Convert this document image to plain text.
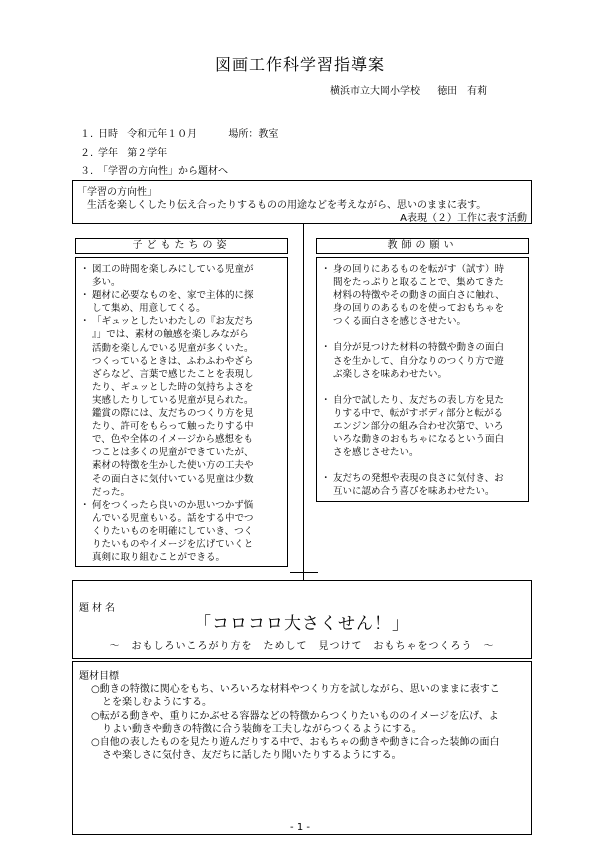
図画工作科学習指導案
横浜市立大岡小学校 徳田　有莉
１. 日時 令和元年１０月	場所：教室
２. 学年 第２学年
３. 「学習の方向性」から題材へ
「学習の方向性」
生活を楽しくしたり伝え合ったりするものの用途などを考えながら、思いのままに表す。
A表現（２）工作に表す活動
子どもたちの姿	教師の願い
・ 図工の時間を楽しみにしている児童が
多い。
・ 題材に必要なものを、家で主体的に探
して集め、用意してくる。
・ 「ギュッとしたいわたしの『お友だち
』」では、素材の触感を楽しみながら
活動を楽しんでいる児童が多くいた。
つくっているときは、ふわふわやざら
ざらなど、言葉で感じたことを表現し
たり、ギュッとした時の気持ちよさを
実感したりしている児童が見られた。
鑑賞の際には、友だちのつくり方を見
たり、許可をもらって触ったりする中
で、色や全体のイメージから感想をも
つことは多くの児童ができていたが、
素材の特徴を生かした使い方の工夫や
その面白さに気付いている児童は少数
だった。
・ 何をつくったら良いのか思いつかず悩
んでいる児童もいる。話をする中でつ
くりたいものを明確にしていき、つく
りたいものやイメージを広げていくと
真剣に取り組むことができる。
・ 身の回りにあるものを転がす（試す）時
間をたっぷりと取ることで、集めてきた
材料の特徴やその動きの面白さに触れ、
身の回りのあるものを使っておもちゃを
つくる面白さを感じさせたい。
・ 自分が見つけた材料の特徴や動きの面白
さを生かして、自分なりのつくり方で遊
ぶ楽しさを味あわせたい。
・ 自分で試したり、友だちの表し方を見た
りする中で、転がすボディ部分と転がる
エンジン部分の組み合わせ次第で、いろ
いろな動きのおもちゃになるという面白
さを感じさせたい。
・ 友だちの発想や表現の良さに気付き、お
互いに認め合う喜びを味あわせたい。
題材名
「コロコロ大さくせん！」
～　おもしろいころがり方を　ためして　見つけて　おもちゃをつくろう　～
題材目標
○動きの特徴に関心をもち、いろいろな材料やつくり方を試しながら、思いのままに表すこ
とを楽しむようにする。
○転がる動きや、重りにかぶせる容器などの特徴からつくりたいもののイメージを広げ、よ
りよい動きや動きの特徴に合う装飾を工夫しながらつくるようにする。
○自他の表したものを見たり遊んだりする中で、おもちゃの動きや動きに合った装飾の面白
さや楽しさに気付き、友だちに話したり聞いたりするようにする。
- 1 -
